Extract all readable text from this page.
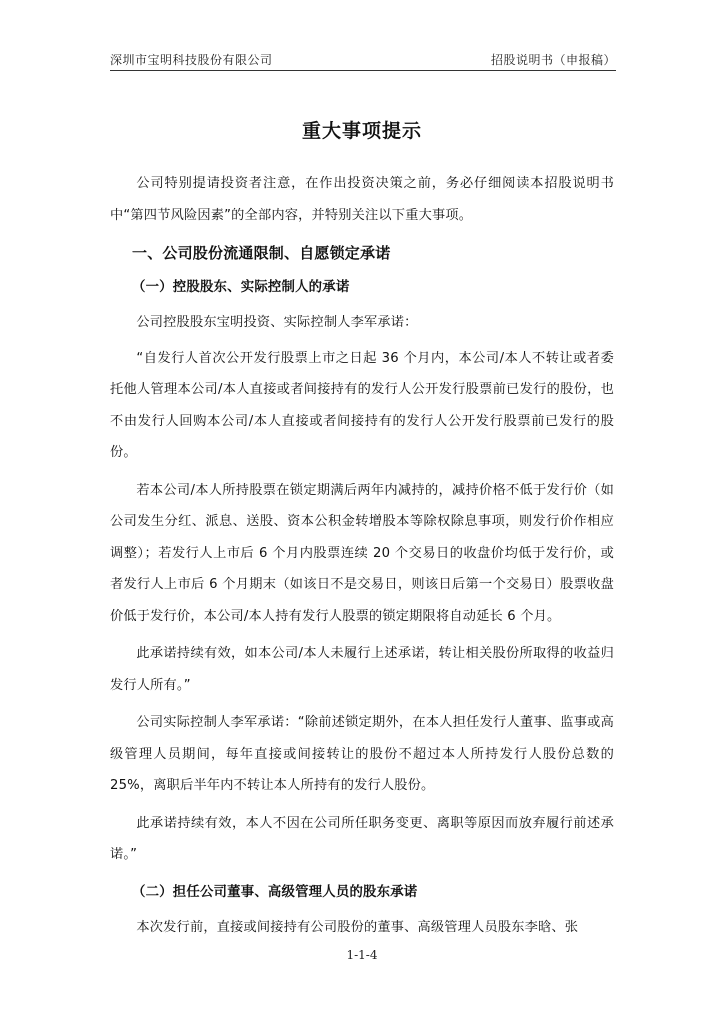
深圳市宝明科技股份有限公司	招股说明书（申报稿）
重大事项提示

公司特别提请投资者注意，在作出投资决策之前，务必仔细阅读本招股说明书中“第四节风险因素”的全部内容，并特别关注以下重大事项。

一、公司股份流通限制、自愿锁定承诺
（一）控股股东、实际控制人的承诺

公司控股股东宝明投资、实际控制人李军承诺：

“自发行人首次公开发行股票上市之日起 36 个月内，本公司/本人不转让或者委托他人管理本公司/本人直接或者间接持有的发行人公开发行股票前已发行的股份，也不由发行人回购本公司/本人直接或者间接持有的发行人公开发行股票前已发行的股份。

若本公司/本人所持股票在锁定期满后两年内减持的，减持价格不低于发行价（如公司发生分红、派息、送股、资本公积金转增股本等除权除息事项，则发行价作相应调整）；若发行人上市后 6 个月内股票连续 20 个交易日的收盘价均低于发行价，或者发行人上市后 6 个月期末（如该日不是交易日，则该日后第一个交易日）股票收盘价低于发行价，本公司/本人持有发行人股票的锁定期限将自动延长 6 个月。

此承诺持续有效，如本公司/本人未履行上述承诺，转让相关股份所取得的收益归发行人所有。”

公司实际控制人李军承诺：“除前述锁定期外，在本人担任发行人董事、监事或高级管理人员期间，每年直接或间接转让的股份不超过本人所持发行人股份总数的 25%，离职后半年内不转让本人所持有的发行人股份。

此承诺持续有效，本人不因在公司所任职务变更、离职等原因而放弃履行前述承诺。”

（二）担任公司董事、高级管理人员的股东承诺

本次发行前，直接或间接持有公司股份的董事、高级管理人员股东李晗、张

1-1-4
